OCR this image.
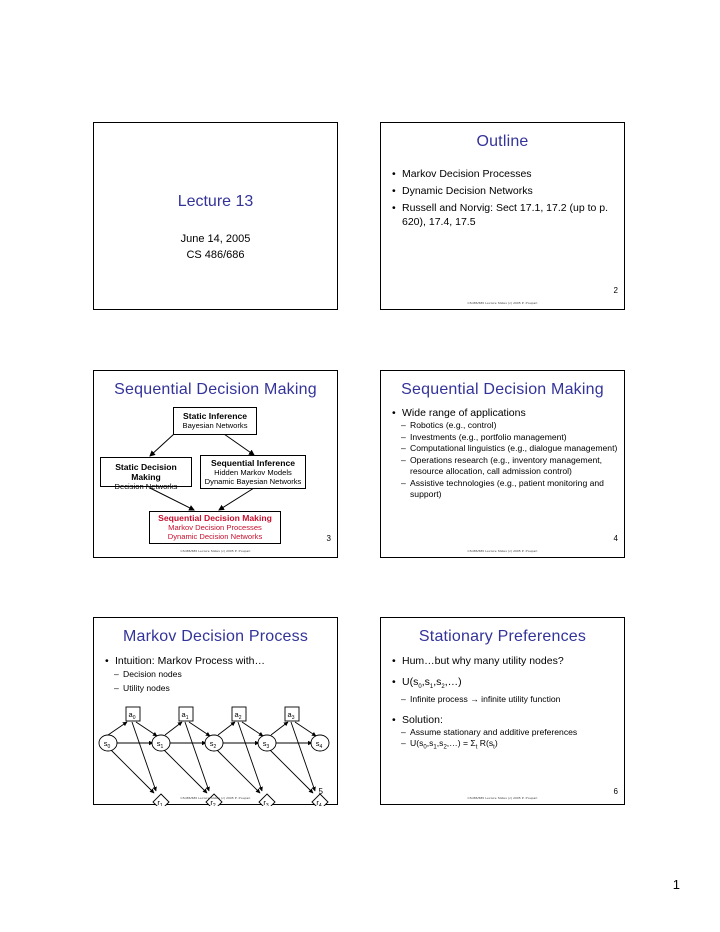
Lecture 13
June 14, 2005
CS 486/686
Outline
• Markov Decision Processes
• Dynamic Decision Networks
• Russell and Norvig: Sect 17.1, 17.2 (up to p. 620), 17.4, 17.5
2
CS486/686 Lecture Slides (c) 2005 P. Poupart
Sequential Decision Making
Static Inference
Bayesian Networks
Static Decision Making
Decision Networks
Sequential Inference
Hidden Markov Models
Dynamic Bayesian Networks
Sequential Decision Making
Markov Decision Processes
Dynamic Decision Networks	3
CS486/686 Lecture Slides (c) 2005 P. Poupart
Sequential Decision Making
• Wide range of applications
– Robotics (e.g., control)
– Investments (e.g., portfolio management)
– Computational linguistics (e.g., dialogue management)
– Operations research (e.g., inventory management, resource allocation, call admission control)
– Assistive technologies (e.g., patient monitoring and support)
4
CS486/686 Lecture Slides (c) 2005 P. Poupart
Markov Decision Process
• Intuition: Markov Process with…
– Decision nodes
– Utility nodes
$a_0$	$a_1$	$a_2$	$a_3$
$s_0$	$s_1$	$s_2$	$s_3$	$s_4$
$r_1$	$r_2$	$r_3$	$r_4$
5
CS486/686 Lecture Slides (c) 2005 P. Poupart
Stationary Preferences
• Hum…but why many utility nodes?
• $U(s_0,s_1,s_2,\dots)$
– Infinite process → infinite utility function
• Solution:
– Assume stationary and additive preferences
– $U(s_0,s_1,s_2,\dots) = \Sigma_t$ $R(s_t)$
6
CS486/686 Lecture Slides (c) 2005 P. Poupart
1
